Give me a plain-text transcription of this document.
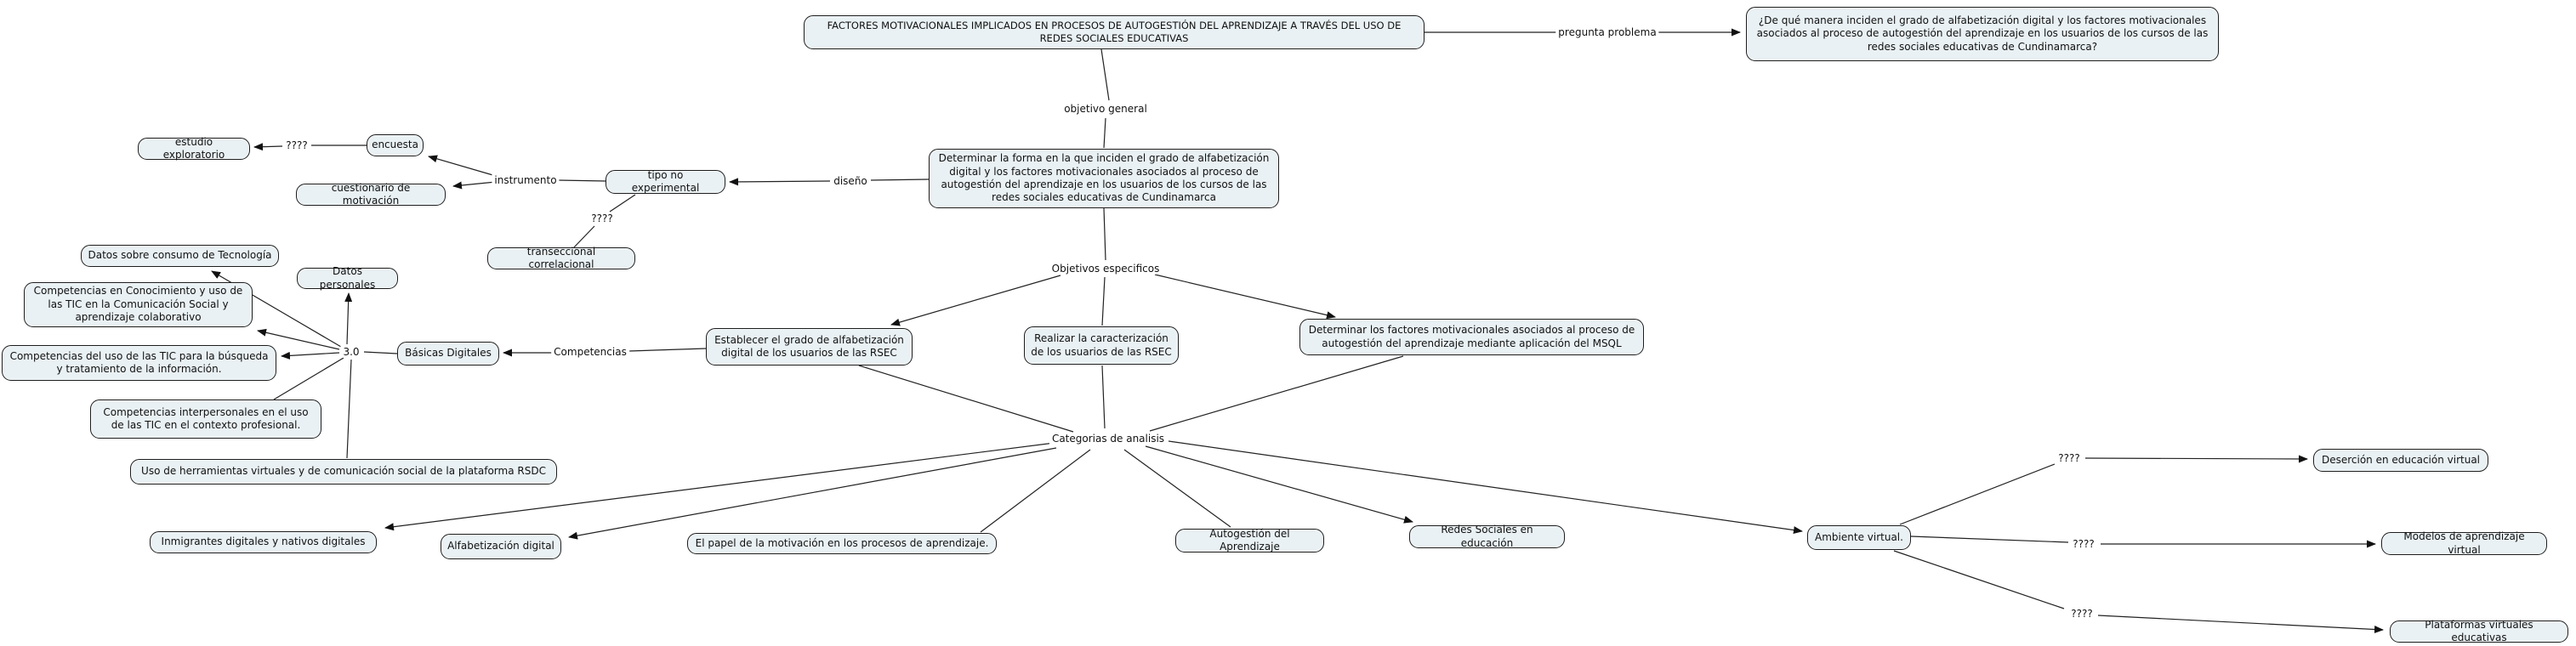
FACTORES MOTIVACIONALES IMPLICADOS EN PROCESOS DE AUTOGESTIÓN DEL APRENDIZAJE A TRAVÉS DEL USO DE REDES SOCIALES EDUCATIVAS
¿De qué manera inciden el grado de alfabetización digital y los factores motivacionales asociados al proceso de autogestión del aprendizaje en los usuarios de los cursos de las redes sociales educativas de Cundinamarca?
Determinar la forma en la que inciden el grado de alfabetización digital y los factores motivacionales asociados al proceso de autogestión del aprendizaje en los usuarios de los cursos de las redes sociales educativas de Cundinamarca
estudio exploratorio
encuesta
cuestionario de motivación
tipo no experimental
transeccional correlacional
Establecer el grado de alfabetización digital de los usuarios de las RSEC
Realizar la caracterización de los usuarios de las RSEC
Determinar los factores motivacionales asociados al proceso de autogestión del aprendizaje mediante aplicación del MSQL
Datos sobre consumo de Tecnología
Datos personales
Competencias en Conocimiento y uso de las TIC en la Comunicación Social y aprendizaje colaborativo
Competencias del uso de las TIC para la búsqueda y tratamiento de la información.
Competencias interpersonales en el uso de las TIC en el contexto profesional.
Uso de herramientas virtuales y de comunicación social de la plataforma RSDC
Básicas Digitales
Inmigrantes digitales y nativos digitales	Alfabetización digital	El papel de la motivación en los procesos de aprendizaje.
Autogestión del Aprendizaje
Redes Sociales en educación	Ambiente virtual.
Deserción en educación virtual
Modelos de aprendizaje virtual
Plataformas virtuales educativas
pregunta problema
objetivo general
diseño
instrumento
????
????
Objetivos especificos
Competencias
3.0
Categorias de analisis
????
????
????
